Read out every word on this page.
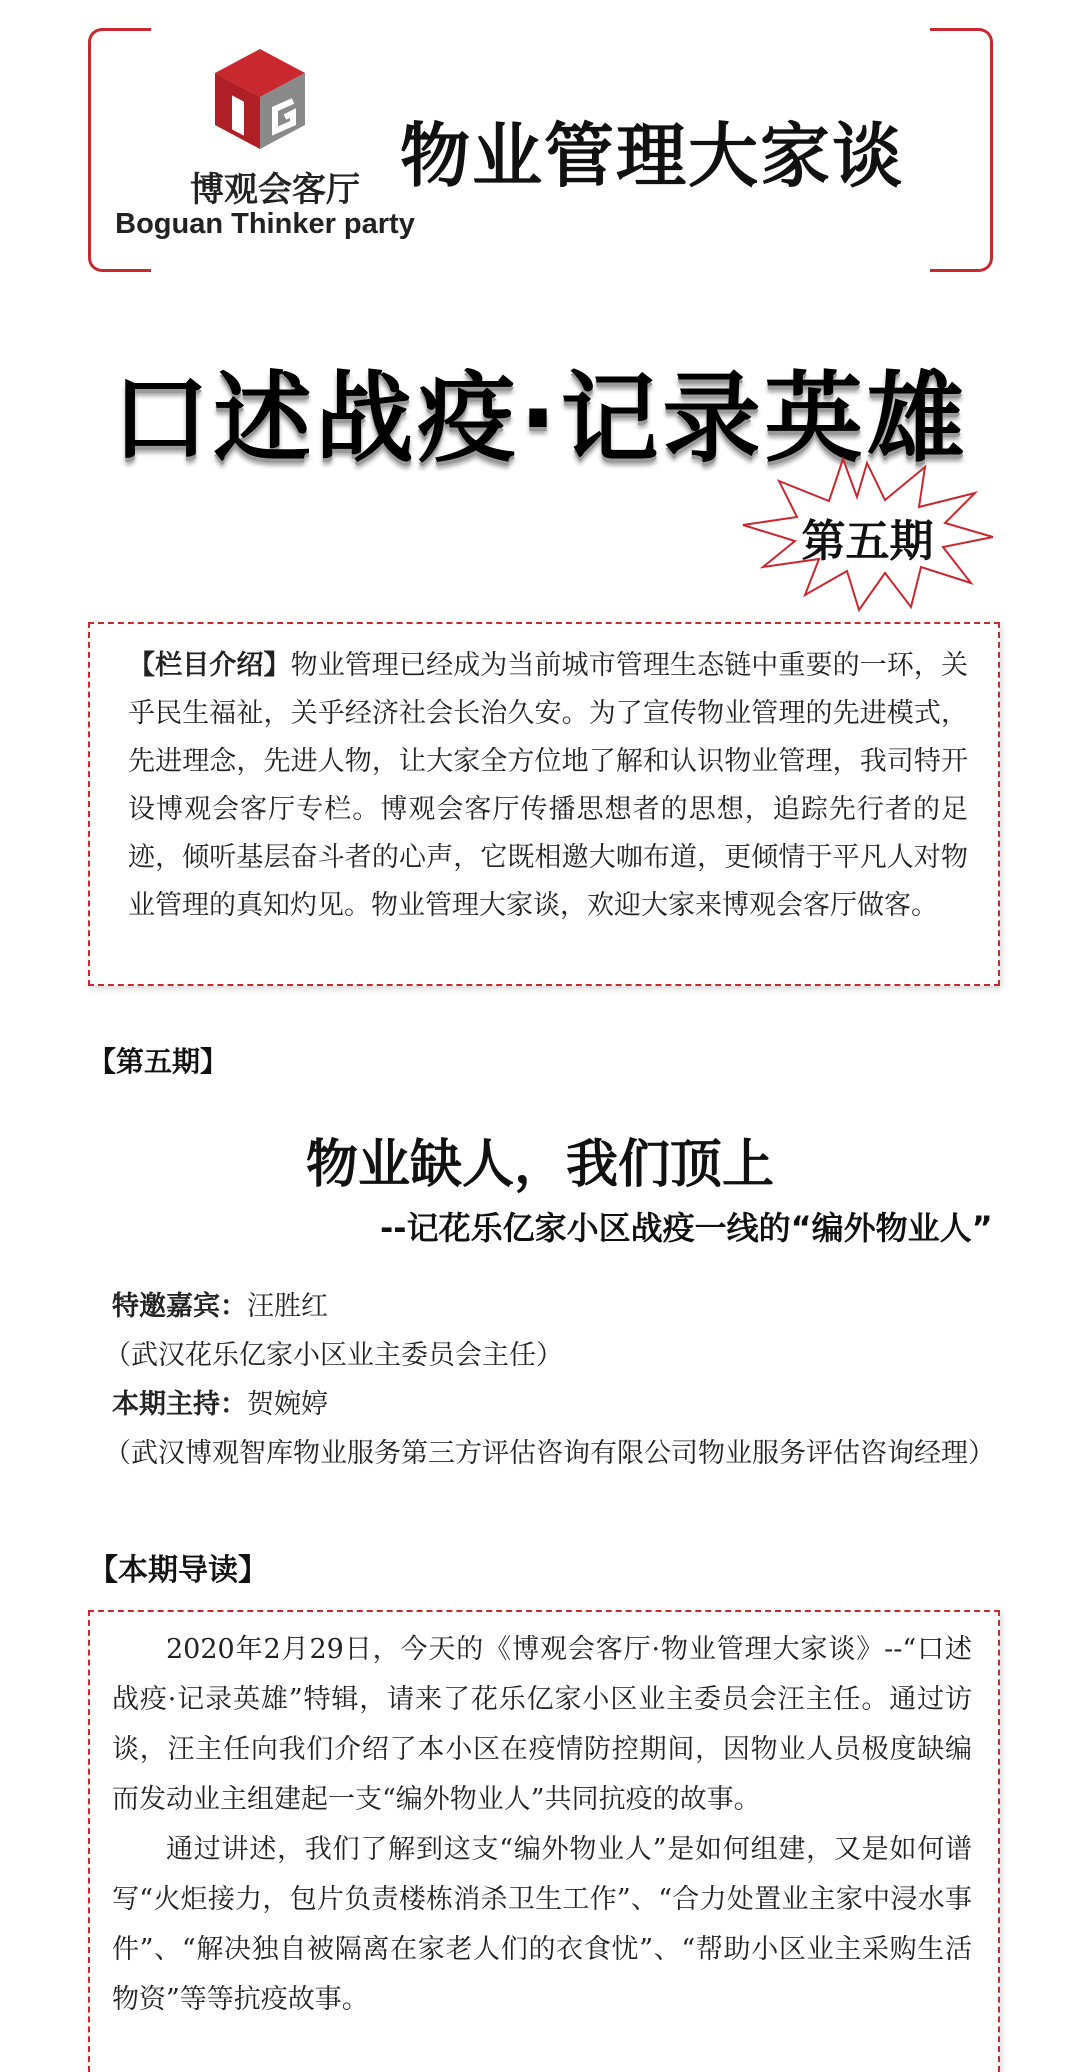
博观会客厅
Boguan Thinker party
物业管理大家谈
口述战疫·记录英雄
第五期
【栏目介绍】物业管理已经成为当前城市管理生态链中重要的一环，关乎民生福祉，关乎经济社会长治久安。为了宣传物业管理的先进模式，先进理念，先进人物，让大家全方位地了解和认识物业管理，我司特开设博观会客厅专栏。博观会客厅传播思想者的思想，追踪先行者的足迹，倾听基层奋斗者的心声，它既相邀大咖布道，更倾情于平凡人对物业管理的真知灼见。物业管理大家谈，欢迎大家来博观会客厅做客。
【第五期】
物业缺人，我们顶上
--记花乐亿家小区战疫一线的“编外物业人”
特邀嘉宾：汪胜红
（武汉花乐亿家小区业主委员会主任）
本期主持：贺婉婷
（武汉博观智库物业服务第三方评估咨询有限公司物业服务评估咨询经理）
【本期导读】

2020年2月29日，今天的《博观会客厅·物业管理大家谈》--“口述战疫·记录英雄”特辑，请来了花乐亿家小区业主委员会汪主任。通过访谈，汪主任向我们介绍了本小区在疫情防控期间，因物业人员极度缺编而发动业主组建起一支“编外物业人”共同抗疫的故事。

通过讲述，我们了解到这支“编外物业人”是如何组建，又是如何谱写“火炬接力，包片负责楼栋消杀卫生工作”、“合力处置业主家中浸水事件”、“解决独自被隔离在家老人们的衣食忧”、“帮助小区业主采购生活物资”等等抗疫故事。
